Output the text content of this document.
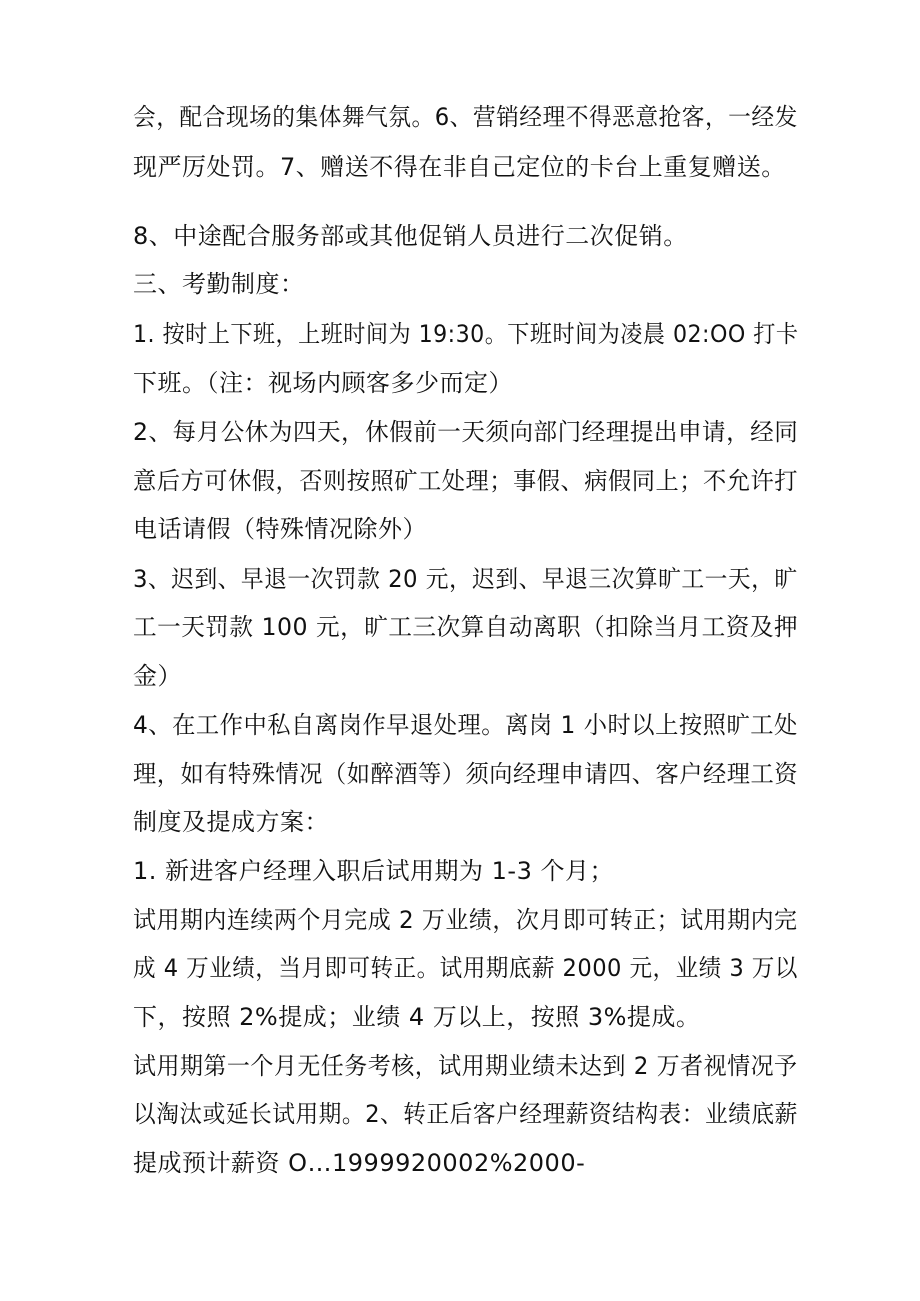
会，配合现场的集体舞气氛。6、营销经理不得恶意抢客，一经发
现严厉处罚。7、赠送不得在非自己定位的卡台上重复赠送。
8、中途配合服务部或其他促销人员进行二次促销。
三、考勤制度：
1. 按时上下班，上班时间为 19:30。下班时间为凌晨 02:OO 打卡
下班。（注：视场内顾客多少而定）
2、每月公休为四天，休假前一天须向部门经理提出申请，经同
意后方可休假，否则按照矿工处理；事假、病假同上；不允许打
电话请假（特殊情况除外）
3、迟到、早退一次罚款 20 元，迟到、早退三次算旷工一天，旷
工一天罚款 100 元，旷工三次算自动离职（扣除当月工资及押
金）
4、在工作中私自离岗作早退处理。离岗 1 小时以上按照旷工处
理，如有特殊情况（如醉酒等）须向经理申请四、客户经理工资
制度及提成方案：
1. 新进客户经理入职后试用期为 1-3 个月；
试用期内连续两个月完成 2 万业绩，次月即可转正；试用期内完
成 4 万业绩，当月即可转正。试用期底薪 2000 元，业绩 3 万以
下，按照 2%提成；业绩 4 万以上，按照 3%提成。
试用期第一个月无任务考核，试用期业绩未达到 2 万者视情况予
以淘汰或延长试用期。2、转正后客户经理薪资结构表：业绩底薪
提成预计薪资 O…1999920002%2000-
